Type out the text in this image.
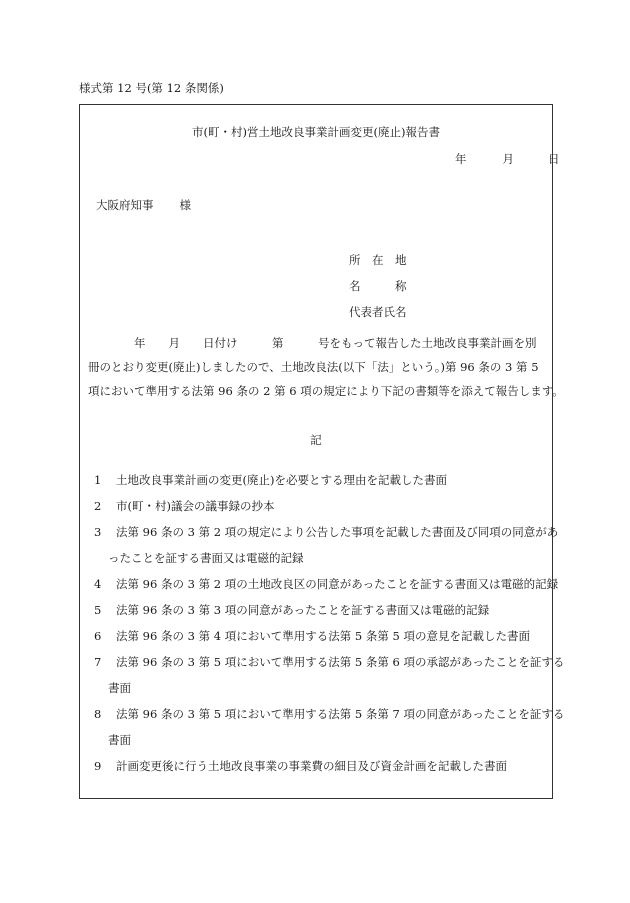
様式第 12 号(第 12 条関係)
市(町・村)営土地改良事業計画変更(廃止)報告書
年	月	日
大阪府知事 様
所　在　地
名　　　称
代表者氏名
　　　　年　　月　　日付け　　　第　　　号をもって報告した土地改良事業計画を別
冊のとおり変更(廃止)しましたので、土地改良法(以下「法」という。)第 96 条の 3 第 5
項において準用する法第 96 条の 2 第 6 項の規定により下記の書類等を添えて報告します。
記
1	土地改良事業計画の変更(廃止)を必要とする理由を記載した書面
2	市(町・村)議会の議事録の抄本
3	法第 96 条の 3 第 2 項の規定により公告した事項を記載した書面及び同項の同意があ
ったことを証する書面又は電磁的記録
4	法第 96 条の 3 第 2 項の土地改良区の同意があったことを証する書面又は電磁的記録
5	法第 96 条の 3 第 3 項の同意があったことを証する書面又は電磁的記録
6	法第 96 条の 3 第 4 項において準用する法第 5 条第 5 項の意見を記載した書面
7	法第 96 条の 3 第 5 項において準用する法第 5 条第 6 項の承認があったことを証する
書面
8	法第 96 条の 3 第 5 項において準用する法第 5 条第 7 項の同意があったことを証する
書面
9	計画変更後に行う土地改良事業の事業費の細目及び資金計画を記載した書面
